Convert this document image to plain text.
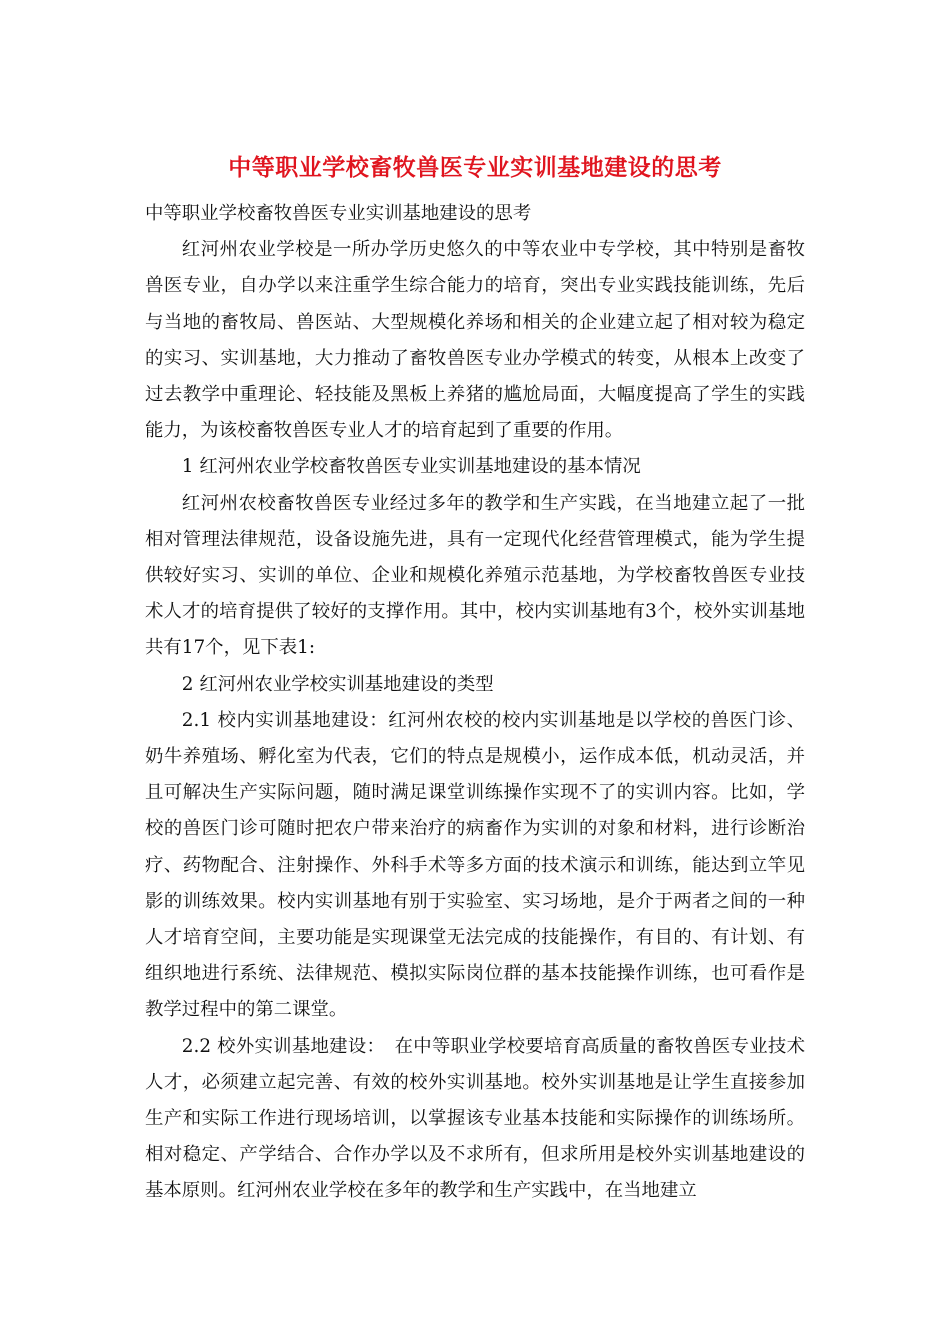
中等职业学校畜牧兽医专业实训基地建设的思考

中等职业学校畜牧兽医专业实训基地建设的思考

红河州农业学校是一所办学历史悠久的中等农业中专学校，其中特别是畜牧兽医专业，自办学以来注重学生综合能力的培育，突出专业实践技能训练，先后与当地的畜牧局、兽医站、大型规模化养场和相关的企业建立起了相对较为稳定的实习、实训基地，大力推动了畜牧兽医专业办学模式的转变，从根本上改变了过去教学中重理论、轻技能及黑板上养猪的尴尬局面，大幅度提高了学生的实践能力，为该校畜牧兽医专业人才的培育起到了重要的作用。

1 红河州农业学校畜牧兽医专业实训基地建设的基本情况

红河州农校畜牧兽医专业经过多年的教学和生产实践，在当地建立起了一批相对管理法律规范，设备设施先进，具有一定现代化经营管理模式，能为学生提供较好实习、实训的单位、企业和规模化养殖示范基地，为学校畜牧兽医专业技术人才的培育提供了较好的支撑作用。其中，校内实训基地有3个，校外实训基地共有17个，见下表1:

2 红河州农业学校实训基地建设的类型

2.1 校内实训基地建设：红河州农校的校内实训基地是以学校的兽医门诊、奶牛养殖场、孵化室为代表，它们的特点是规模小，运作成本低，机动灵活，并且可解决生产实际问题，随时满足课堂训练操作实现不了的实训内容。比如，学校的兽医门诊可随时把农户带来治疗的病畜作为实训的对象和材料，进行诊断治疗、药物配合、注射操作、外科手术等多方面的技术演示和训练，能达到立竿见影的训练效果。校内实训基地有别于实验室、实习场地，是介于两者之间的一种人才培育空间，主要功能是实现课堂无法完成的技能操作，有目的、有计划、有组织地进行系统、法律规范、模拟实际岗位群的基本技能操作训练，也可看作是教学过程中的第二课堂。

2.2 校外实训基地建设：　在中等职业学校要培育高质量的畜牧兽医专业技术人才，必须建立起完善、有效的校外实训基地。校外实训基地是让学生直接参加生产和实际工作进行现场培训，以掌握该专业基本技能和实际操作的训练场所。相对稳定、产学结合、合作办学以及不求所有，但求所用是校外实训基地建设的基本原则。红河州农业学校在多年的教学和生产实践中，在当地建立
